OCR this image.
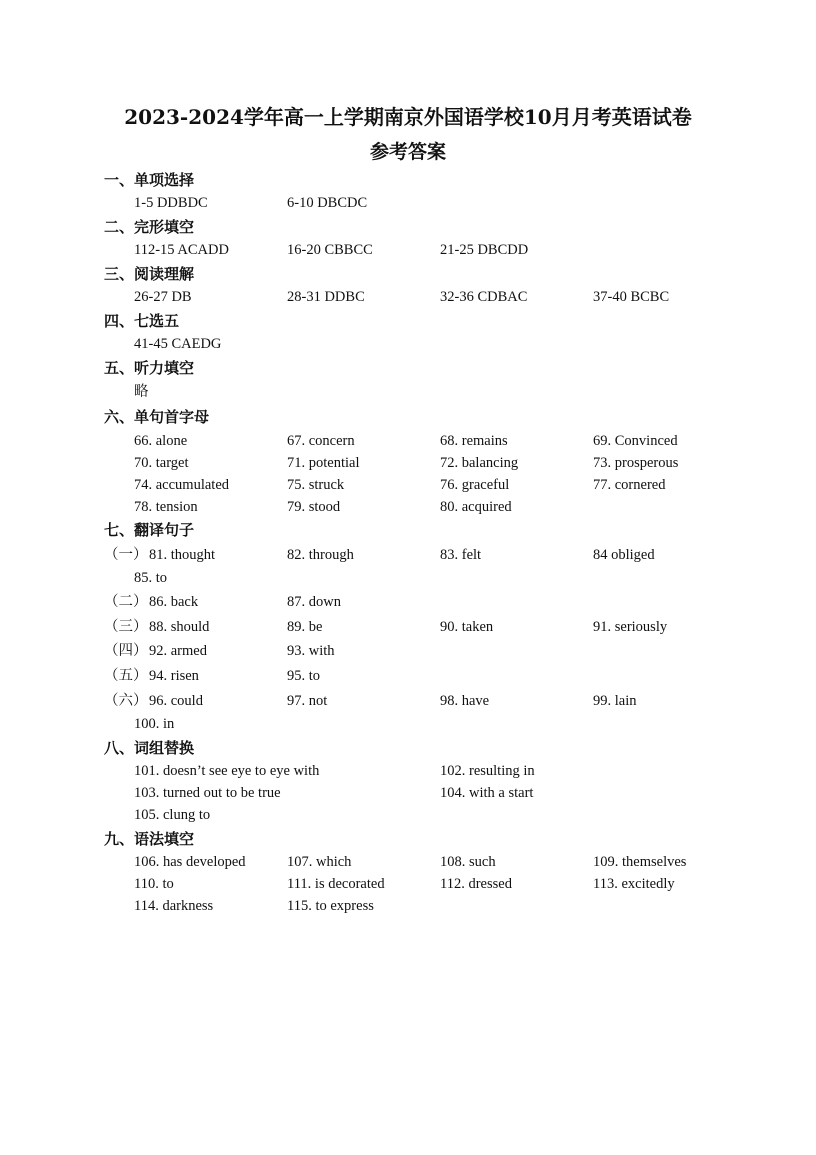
2023-2024学年高一上学期南京外国语学校10月月考英语试卷
参考答案
一、单项选择
1-5 DDBDC	6-10 DBCDC
二、完形填空
112-15 ACADD	16-20 CBBCC	21-25 DBCDD
三、阅读理解
26-27 DB	28-31 DDBC	32-36 CDBAC	37-40 BCBC
四、七选五
41-45 CAEDG
五、听力填空
略
六、单句首字母
66. alone	67. concern	68. remains	69. Convinced
70. target	71. potential	72. balancing	73. prosperous
74. accumulated	75. struck	76. graceful	77. cornered
78. tension	79. stood	80. acquired
七、翻译句子
（一） 81. thought	82. through	83. felt	84 obliged
85. to
（二） 86. back	87. down
（三） 88. should	89. be	90. taken	91. seriously
（四） 92. armed	93. with
（五） 94. risen	95. to
（六） 96. could	97. not	98. have	99. lain
100. in
八、词组替换
101. doesn’t see eye to eye with	102. resulting in
103. turned out to be true	104. with a start
105. clung to
九、语法填空
106. has developed	107. which	108. such	109. themselves
110. to	111. is decorated	112. dressed	113. excitedly
114. darkness	115. to express
